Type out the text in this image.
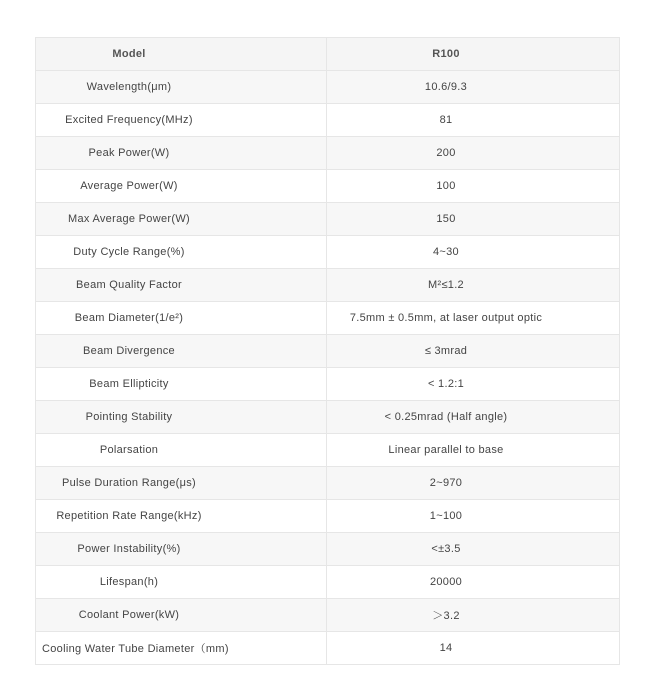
Model	R100
Wavelength(μm)	10.6/9.3
Excited Frequency(MHz)	81
Peak Power(W)	200
Average Power(W)	100
Max Average Power(W)	150
Duty Cycle Range(%)	4~30
Beam Quality Factor	M²≤1.2
Beam Diameter(1/e²)	7.5mm ± 0.5mm, at laser output optic
Beam Divergence	≤ 3mrad
Beam Ellipticity	< 1.2:1
Pointing Stability	< 0.25mrad (Half angle)
Polarsation	Linear parallel to base
Pulse Duration Range(μs)	2~970
Repetition Rate Range(kHz)	1~100
Power Instability(%)	<±3.5
Lifespan(h)	20000
Coolant Power(kW)	＞3.2
Cooling Water Tube Diameter（mm)	14
